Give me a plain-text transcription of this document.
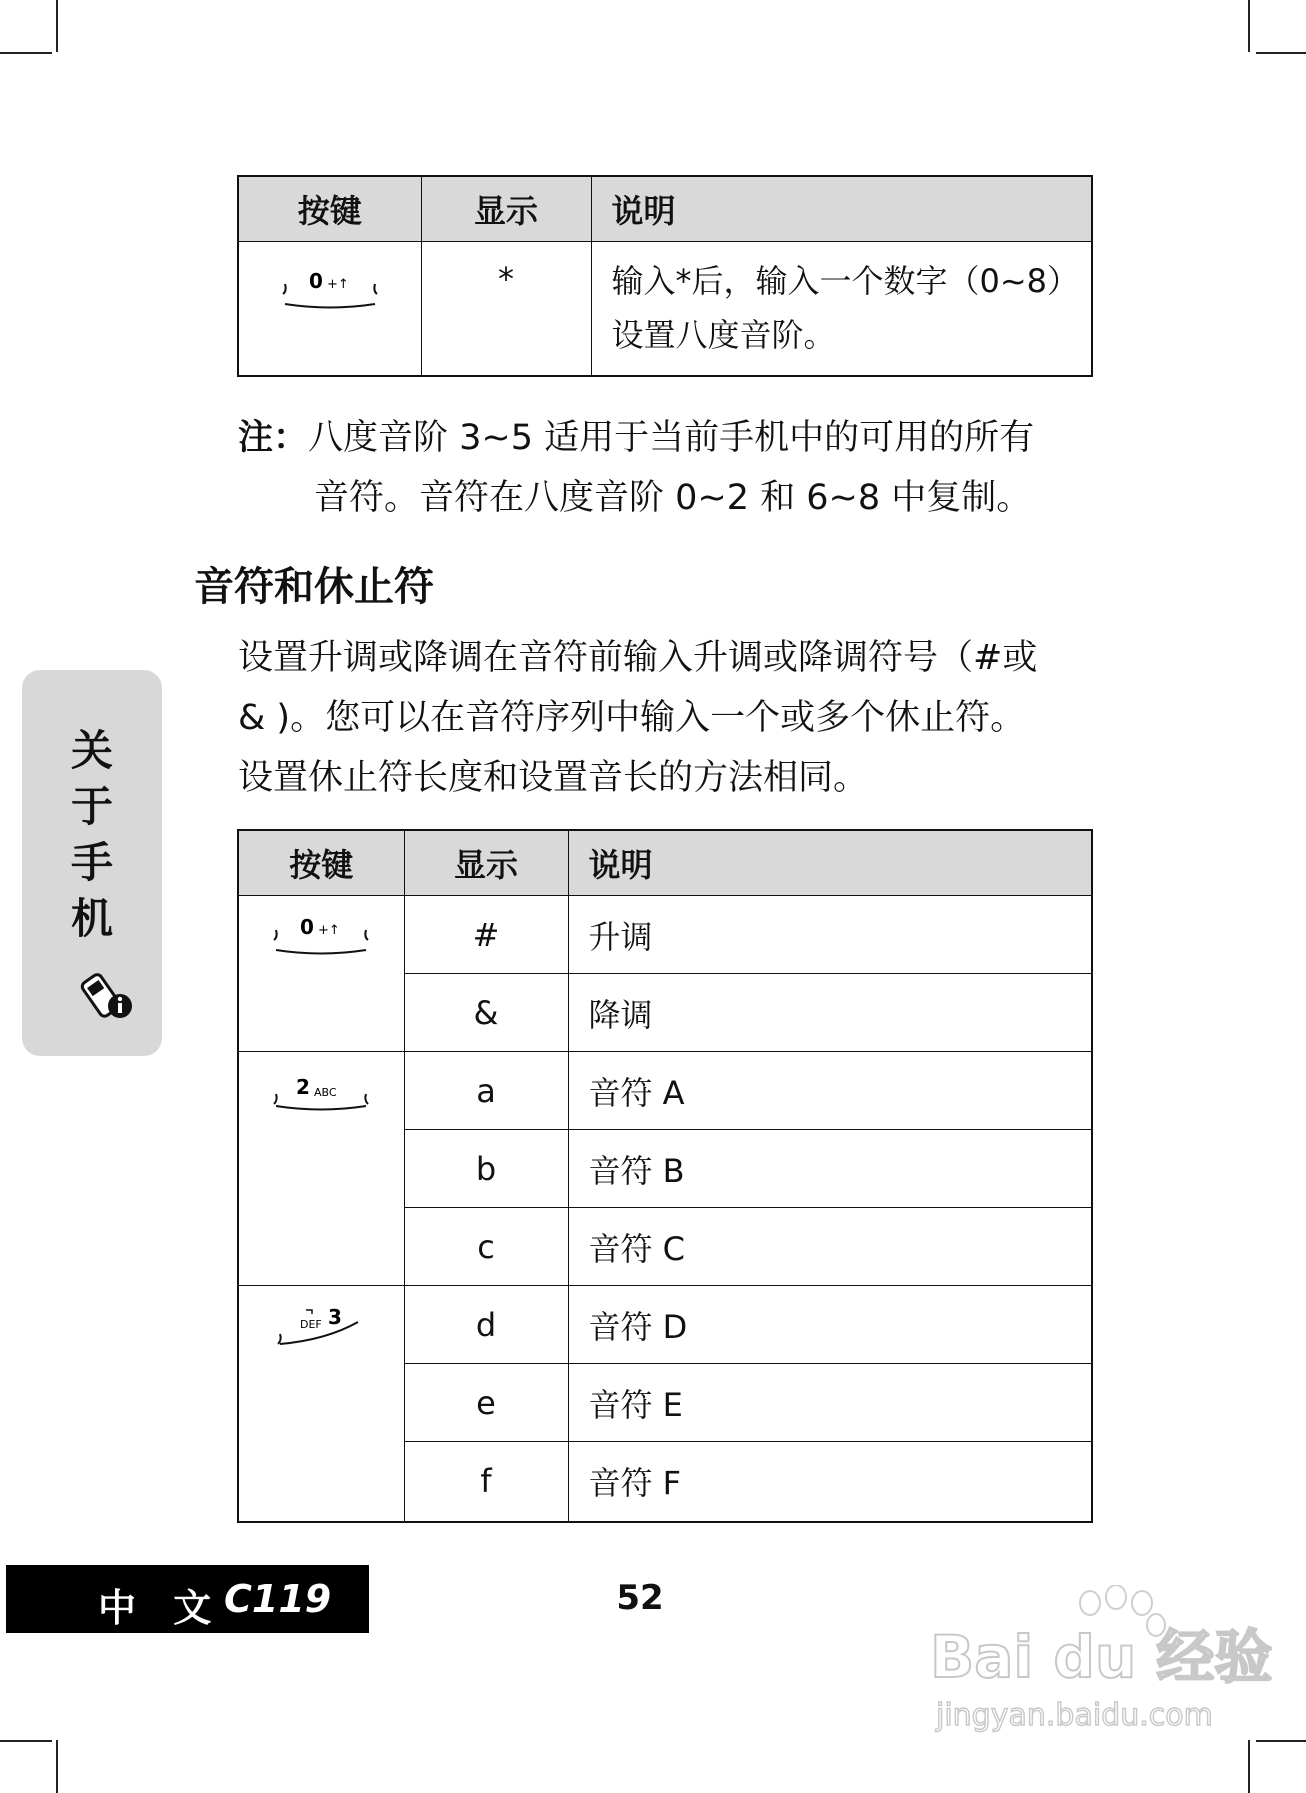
按键	显示	说明

0 +↑	*	输入*后，输入一个数字（0~8）
设置八度音阶。
注：八度音阶 3~5 适用于当前手机中的可用的所有
音符。音符在八度音阶 0~2 和 6~8 中复制。
音符和休止符

设置升调或降调在音符前输入升调或降调符号（#或
& )。您可以在音符序列中输入一个或多个休止符。
设置休止符长度和设置音长的方法相同。

关
于
手
机
按键	显示	说明

0 +↑	#	升调
	&	降调

2 ABC	a	音符 A
	b	音符 B
	c	音符 C

DEF 3	d	音符 D
	e	音符 E
	f	音符 F
中 文 C119	52
Bai du 经验
jingyan.baidu.com
